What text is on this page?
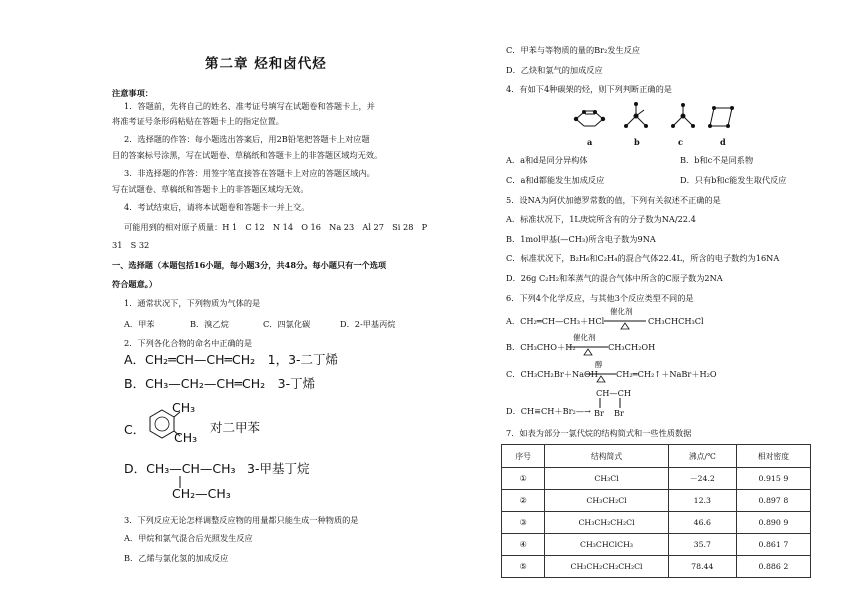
第二章 烃和卤代烃
注意事项：
1．答题前，先将自己的姓名、准考证号填写在试题卷和答题卡上，并
将准考证号条形码粘贴在答题卡上的指定位置。
2．选择题的作答：每小题选出答案后，用2B铅笔把答题卡上对应题
目的答案标号涂黑，写在试题卷、草稿纸和答题卡上的非答题区域均无效。
3．非选择题的作答：用签字笔直接答在答题卡上对应的答题区域内。
写在试题卷、草稿纸和答题卡上的非答题区域均无效。
4．考试结束后，请将本试题卷和答题卡一并上交。
可能用到的相对原子质量：H 1　C 12　N 14　O 16　Na 23　Al 27　Si 28　P
31　S 32
一、选择题（本题包括16小题，每小题3分，共48分。每小题只有一个选项
符合题意。）
1．通常状况下，下列物质为气体的是
A．甲苯	B．溴乙烷	C．四氯化碳	D．2-甲基丙烷
2．下列各化合物的命名中正确的是
A．CH₂═CH—CH═CH₂　1，3-二丁烯
B．CH₃—CH₂—CH═CH₂　3-丁烯
C．
CH₃
CH₃
对二甲苯
D．CH₃—CH—CH₃ 3-甲基丁烷
CH₂—CH₃
3．下列反应无论怎样调整反应物的用量都只能生成一种物质的是
A．甲烷和氯气混合后光照发生反应
B．乙烯与氯化氢的加成反应
C．甲苯与等物质的量的Br₂发生反应
D．乙炔和氯气的加成反应
4．有如下4种碳架的烃，则下列判断正确的是
a	b	c	d
A．a和d是同分异构体	B．b和c不是同系物
C．a和d都能发生加成反应	D．只有b和c能发生取代反应
5．设NA为阿伏加德罗常数的值，下列有关叙述不正确的是
A．标准状况下，1L庚烷所含有的分子数为NA/22.4
B．1mol甲基(—CH₃)所含电子数为9NA
C．标准状况下，B₂H₆和C₂H₄的混合气体22.4L，所含的电子数约为16NA
D．26g C₂H₂和苯蒸气的混合气体中所含的C原子数为2NA
6．下列4个化学反应，与其他3个反应类型不同的是
A．CH₂═CH—CH₃＋HCl
催化剂
CH₃CHCH₃Cl
B．CH₃CHO＋H₂
催化剂
CH₃CH₂OH
C．CH₃CH₂Br＋NaOH
醇
CH₂═CH₂↑＋NaBr＋H₂O
CH—CH
D．CH≡CH＋Br₂—→ Br Br
7．如表为部分一氯代烷的结构简式和一些性质数据
序号	结构简式	沸点/℃	相对密度
①	CH₃Cl	－24.2	0.915 9
②	CH₃CH₂Cl	12.3	0.897 8
③	CH₃CH₂CH₂Cl	46.6	0.890 9
④	CH₃CHClCH₃	35.7	0.861 7
⑤	CH₃CH₂CH₂CH₂Cl	78.44	0.886 2
